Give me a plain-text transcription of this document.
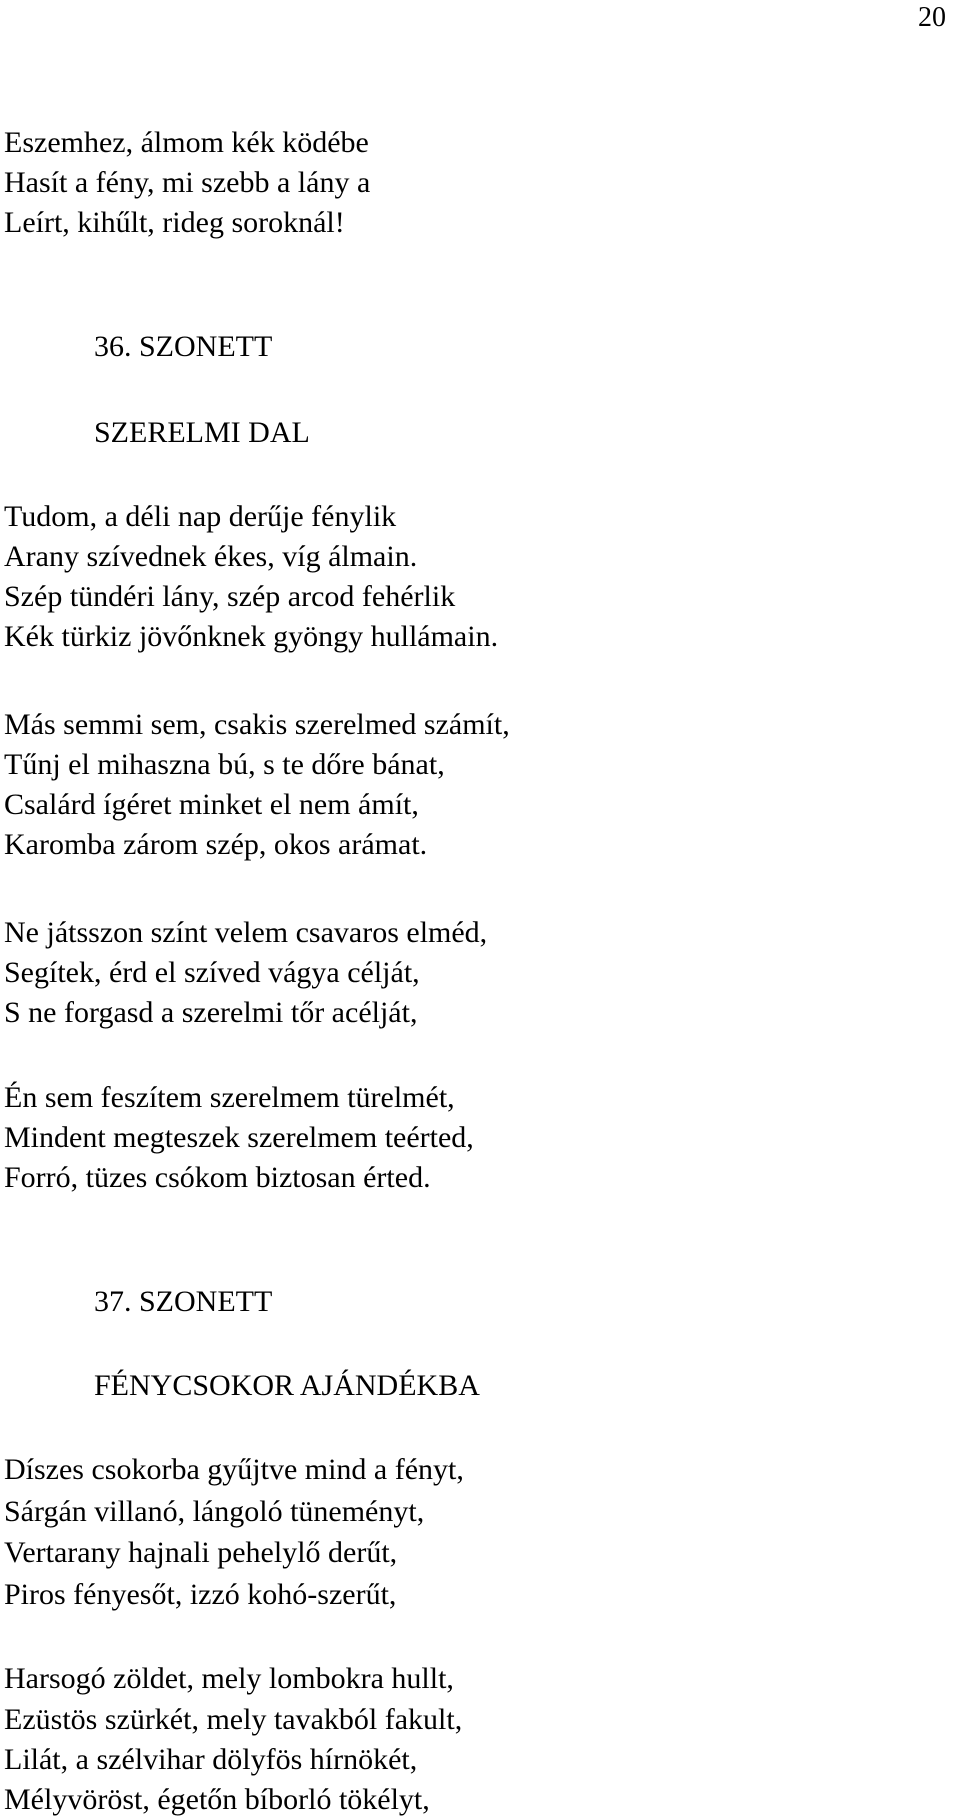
20
Eszemhez, álmom kék ködébe
Hasít a fény, mi szebb a lány a
Leírt, kihűlt, rideg soroknál!
36. SZONETT
SZERELMI DAL
Tudom, a déli nap derűje fénylik
Arany szívednek ékes, víg álmain.
Szép tündéri lány, szép arcod fehérlik
Kék türkiz jövőnknek gyöngy hullámain.
Más semmi sem, csakis szerelmed számít,
Tűnj el mihaszna bú, s te dőre bánat,
Csalárd ígéret minket el nem ámít,
Karomba zárom szép, okos arámat.
Ne játsszon színt velem csavaros elméd,
Segítek, érd el szíved vágya célját,
S ne forgasd a szerelmi tőr acélját,
Én sem feszítem szerelmem türelmét,
Mindent megteszek szerelmem teérted,
Forró, tüzes csókom biztosan érted.
37. SZONETT
FÉNYCSOKOR AJÁNDÉKBA
Díszes csokorba gyűjtve mind a fényt,
Sárgán villanó, lángoló tüneményt,
Vertarany hajnali pehelylő derűt,
Piros fényesőt, izzó kohó-szerűt,
Harsogó zöldet, mely lombokra hullt,
Ezüstös szürkét, mely tavakból fakult,
Lilát, a szélvihar dölyfös hírnökét,
Mélyvöröst, égetőn bíborló tökélyt,
